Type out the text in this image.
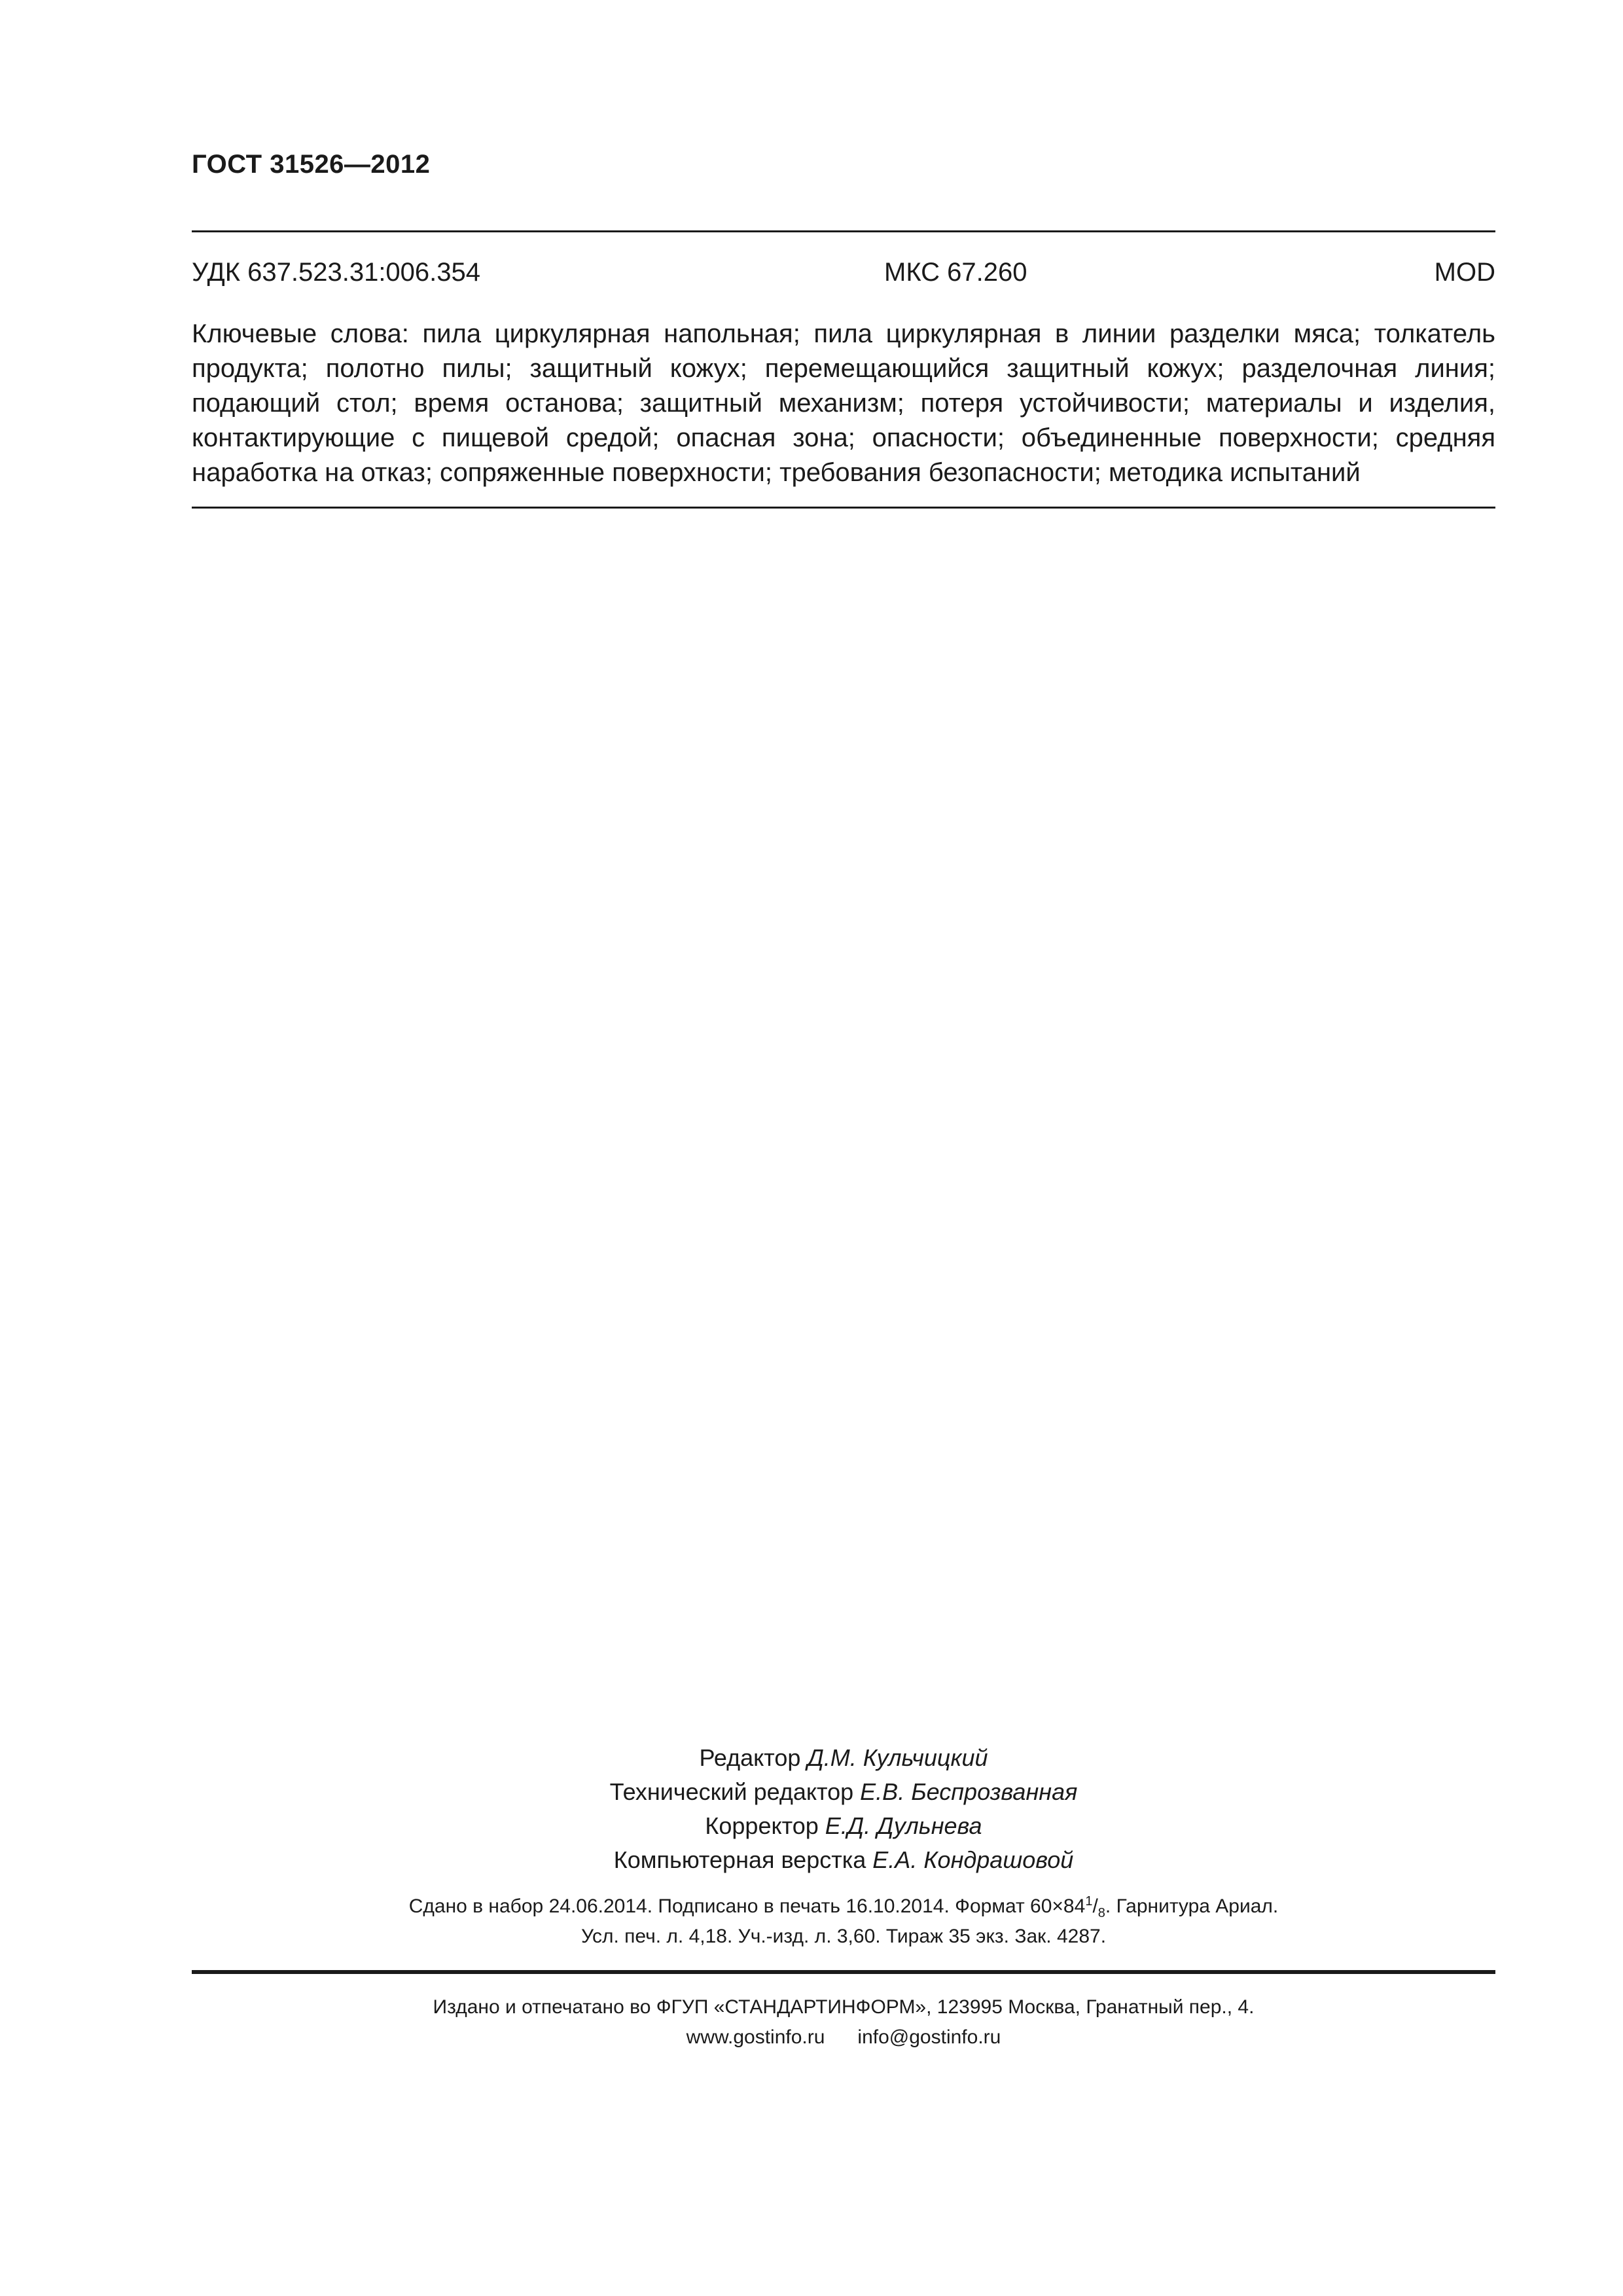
ГОСТ 31526—2012
УДК 637.523.31:006.354	МКС 67.260	MOD
Ключевые слова: пила циркулярная напольная; пила циркулярная в линии разделки мяса; толкатель продукта; полотно пилы; защитный кожух; перемещающийся защитный кожух; разделочная линия; подающий стол; время останова; защитный механизм; потеря устойчивости; материалы и изделия, контактирующие с пищевой средой; опасная зона; опасности; объединенные поверхности; средняя наработка на отказ; сопряженные поверхности; требования безопасности; методика испытаний
Редактор Д.М. Кульчицкий
Технический редактор Е.В. Беспрозванная
Корректор Е.Д. Дульнева
Компьютерная верстка Е.А. Кондрашовой
Сдано в набор 24.06.2014. Подписано в печать 16.10.2014. Формат $60\times 84^1/_8$. Гарнитура Ариал.
Усл. печ. л. 4,18. Уч.-изд. л. 3,60. Тираж 35 экз. Зак. 4287.
Издано и отпечатано во ФГУП «СТАНДАРТИНФОРМ», 123995 Москва, Гранатный пер., 4.
www.gostinfo.ru      info@gostinfo.ru
